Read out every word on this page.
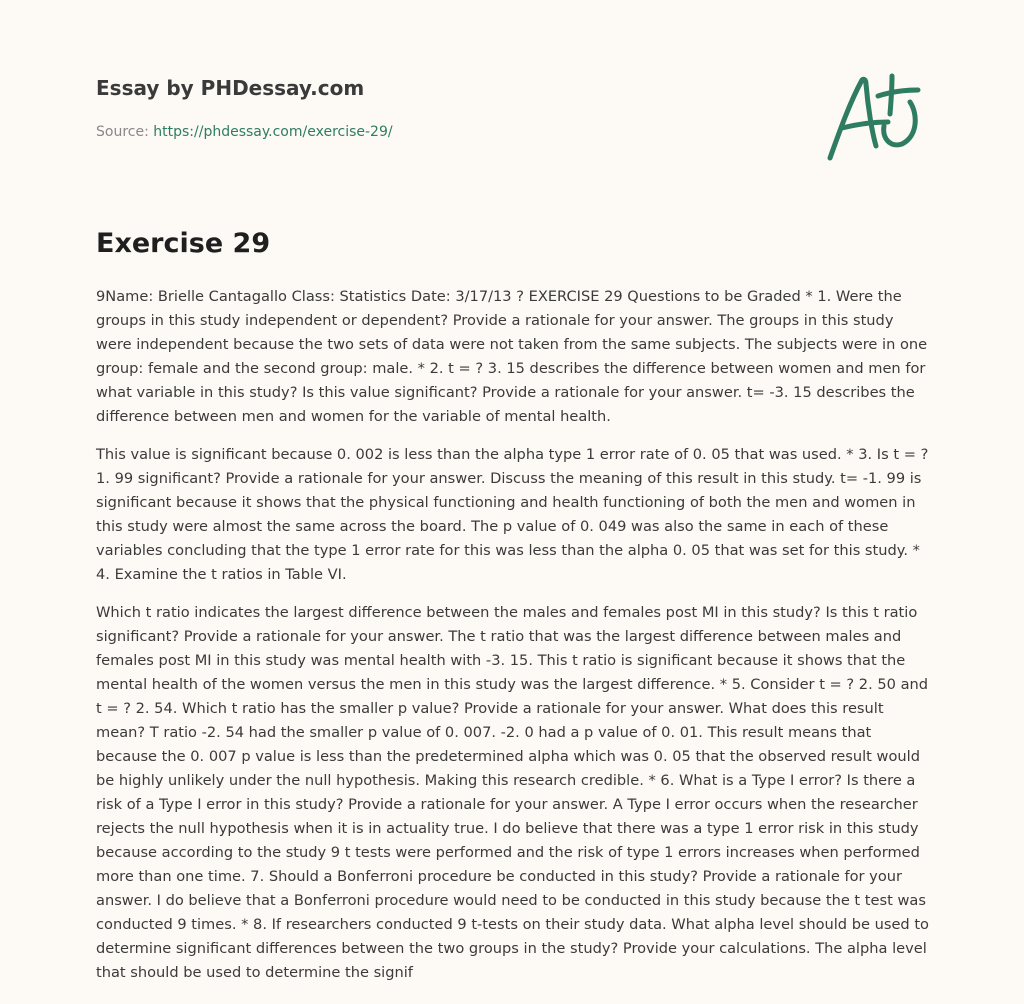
Essay by PHDessay.com
Source: https://phdessay.com/exercise-29/
Exercise 29

9Name: Brielle Cantagallo Class: Statistics Date: 3/17/13 ? EXERCISE 29 Questions to be Graded * 1. Were the groups in this study independent or dependent? Provide a rationale for your answer. The groups in this study were independent because the two sets of data were not taken from the same subjects. The subjects were in one group: female and the second group: male. * 2. t = ? 3. 15 describes the difference between women and men for what variable in this study? Is this value significant? Provide a rationale for your answer. t= -3. 15 describes the difference between men and women for the variable of mental health.

This value is significant because 0. 002 is less than the alpha type 1 error rate of 0. 05 that was used. * 3. Is t = ? 1. 99 significant? Provide a rationale for your answer. Discuss the meaning of this result in this study. t= -1. 99 is significant because it shows that the physical functioning and health functioning of both the men and women in this study were almost the same across the board. The p value of 0. 049 was also the same in each of these variables concluding that the type 1 error rate for this was less than the alpha 0. 05 that was set for this study. * 4. Examine the t ratios in Table VI.

Which t ratio indicates the largest difference between the males and females post MI in this study? Is this t ratio significant? Provide a rationale for your answer. The t ratio that was the largest difference between males and females post MI in this study was mental health with -3. 15. This t ratio is significant because it shows that the mental health of the women versus the men in this study was the largest difference. * 5. Consider t = ? 2. 50 and t = ? 2. 54. Which t ratio has the smaller p value? Provide a rationale for your answer. What does this result mean? T ratio -2. 54 had the smaller p value of 0. 007. -2. 0 had a p value of 0. 01. This result means that because the 0. 007 p value is less than the predetermined alpha which was 0. 05 that the observed result would be highly unlikely under the null hypothesis. Making this research credible. * 6. What is a Type I error? Is there a risk of a Type I error in this study? Provide a rationale for your answer. A Type I error occurs when the researcher rejects the null hypothesis when it is in actuality true. I do believe that there was a type 1 error risk in this study because according to the study 9 t tests were performed and the risk of type 1 errors increases when performed more than one time. 7. Should a Bonferroni procedure be conducted in this study? Provide a rationale for your answer. I do believe that a Bonferroni procedure would need to be conducted in this study because the t test was conducted 9 times. * 8. If researchers conducted 9 t-tests on their study data. What alpha level should be used to determine significant differences between the two groups in the study? Provide your calculations. The alpha level that should be used to determine the signif
